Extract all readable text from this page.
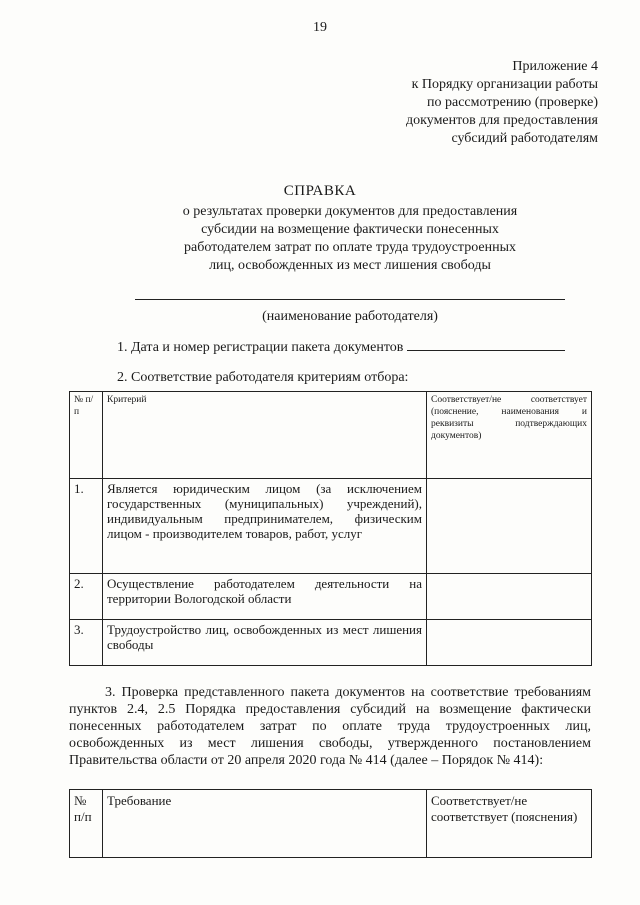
19
Приложение 4
к Порядку организации работы
по рассмотрению (проверке)
документов для предоставления
субсидий работодателям
СПРАВКА
о результатах проверки документов для предоставления
субсидии на возмещение фактически понесенных
работодателем затрат по оплате труда трудоустроенных
лиц, освобожденных из мест лишения свободы
(наименование работодателя)
1. Дата и номер регистрации пакета документов
2. Соответствие работодателя критериям отбора:
№ п/п	Критерий	Соответствует/не соответствует (пояснение, наименования и реквизиты подтверждающих документов)
1.	Является юридическим лицом (за исключением государственных (муниципальных) учреждений), индивидуальным предпринимателем, физическим лицом - производителем товаров, работ, услуг	
2.	Осуществление работодателем деятельности на территории Вологодской области	
3.	Трудоустройство лиц, освобожденных из мест лишения свободы	
3. Проверка представленного пакета документов на соответствие требованиям пунктов 2.4, 2.5 Порядка предоставления субсидий на возмещение фактически понесенных работодателем затрат по оплате труда трудоустроенных лиц, освобожденных из мест лишения свободы, утвержденного постановлением Правительства области от 20 апреля 2020 года № 414 (далее – Порядок № 414):
№ п/п	Требование	Соответствует/не соответствует (пояснения)
